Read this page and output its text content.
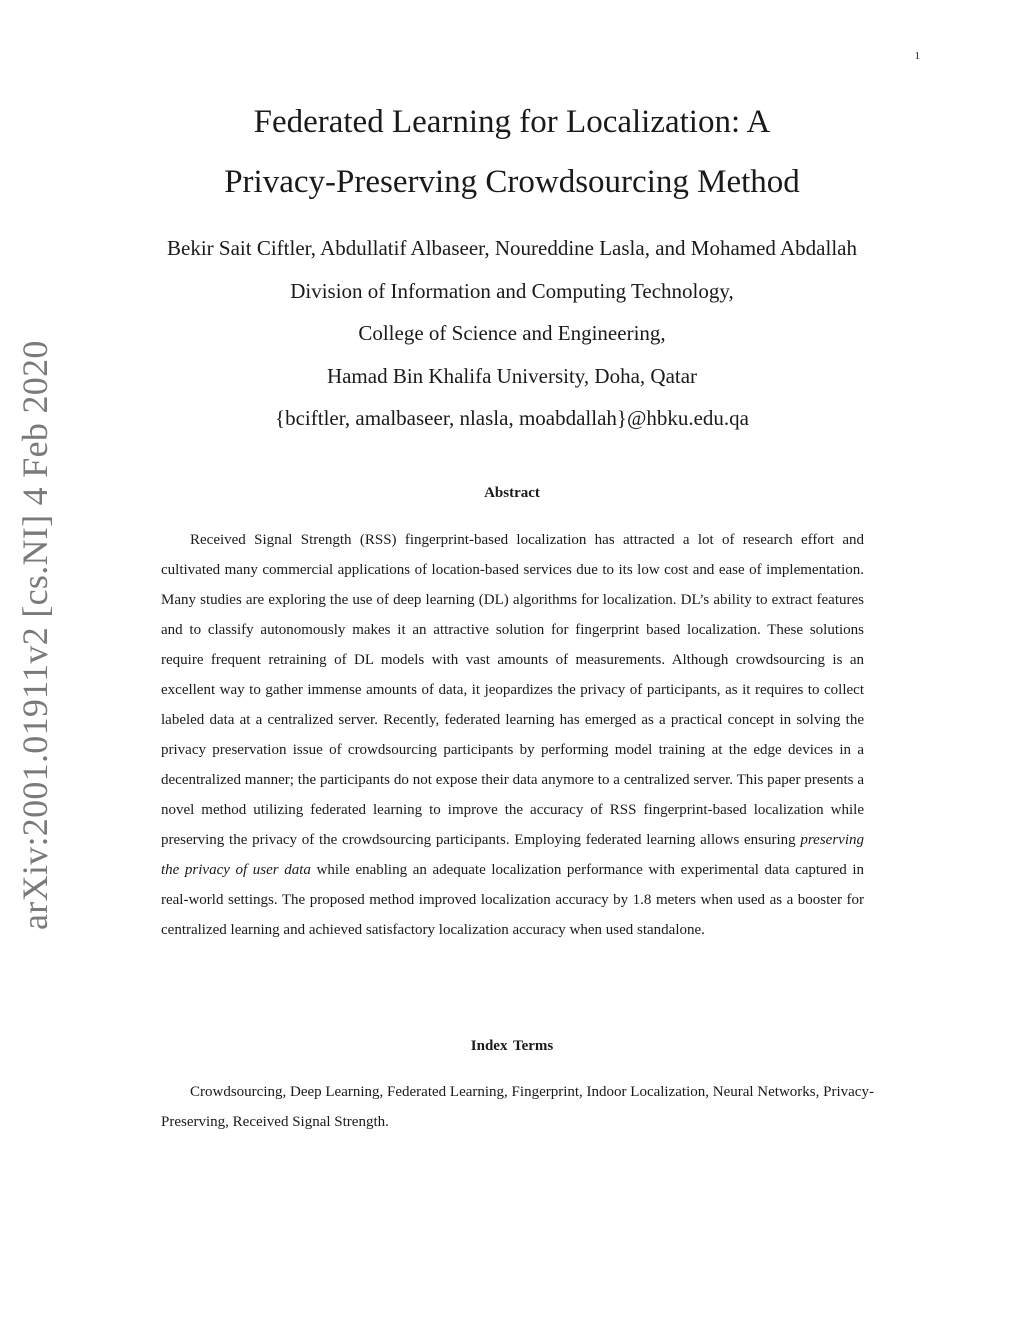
1
arXiv:2001.01911v2 [cs.NI] 4 Feb 2020
Federated Learning for Localization: A
Privacy-Preserving Crowdsourcing Method
Bekir Sait Ciftler, Abdullatif Albaseer, Noureddine Lasla, and Mohamed Abdallah
Division of Information and Computing Technology,
College of Science and Engineering,
Hamad Bin Khalifa University, Doha, Qatar
{bciftler, amalbaseer, nlasla, moabdallah}@hbku.edu.qa
Abstract

Received Signal Strength (RSS) fingerprint-based localization has attracted a lot of research effort and cultivated many commercial applications of location-based services due to its low cost and ease of implementation. Many studies are exploring the use of deep learning (DL) algorithms for localization. DL’s ability to extract features and to classify autonomously makes it an attractive solution for fingerprint based localization. These solutions require frequent retraining of DL models with vast amounts of measurements. Although crowdsourcing is an excellent way to gather immense amounts of data, it jeopardizes the privacy of participants, as it requires to collect labeled data at a centralized server. Recently, federated learning has emerged as a practical concept in solving the privacy preservation issue of crowdsourcing participants by performing model training at the edge devices in a decentralized manner; the participants do not expose their data anymore to a centralized server. This paper presents a novel method utilizing federated learning to improve the accuracy of RSS fingerprint-based localization while preserving the privacy of the crowdsourcing participants. Employing federated learning allows ensuring preserving the privacy of user data while enabling an adequate localization performance with experimental data captured in real-world settings. The proposed method improved localization accuracy by 1.8 meters when used as a booster for centralized learning and achieved satisfactory localization accuracy when used standalone.

Index Terms

Crowdsourcing, Deep Learning, Federated Learning, Fingerprint, Indoor Localization, Neural Networks, Privacy-Preserving, Received Signal Strength.
